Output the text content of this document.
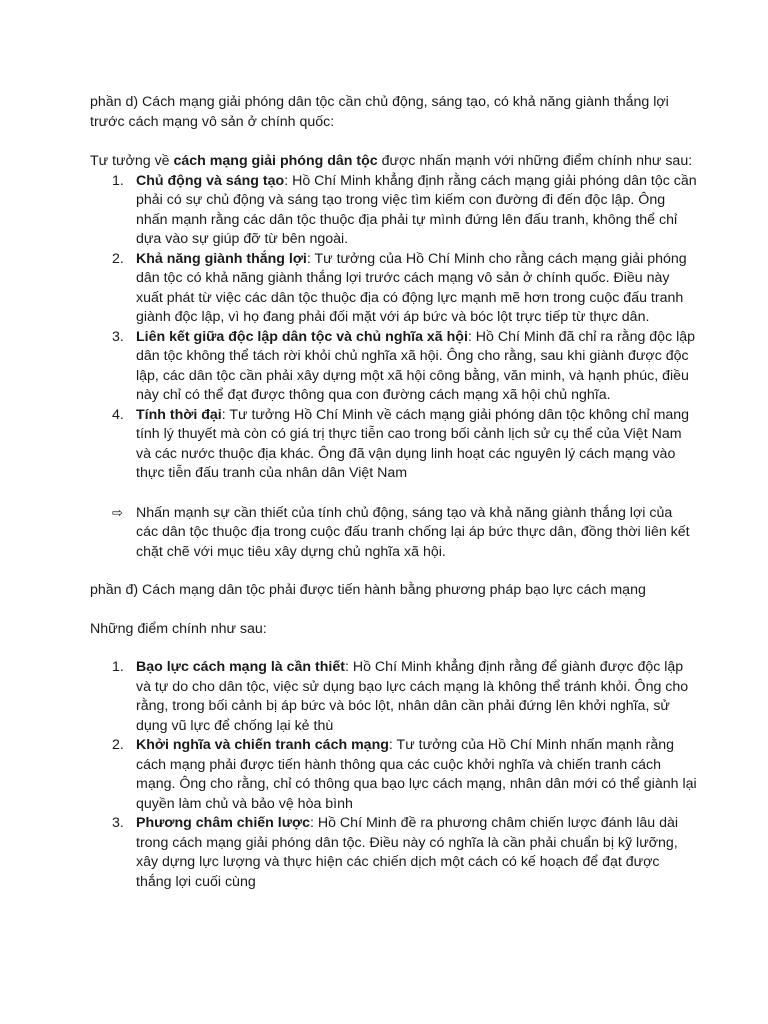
phần d) Cách mạng giải phóng dân tộc cần chủ động, sáng tạo, có khả năng giành thắng lợi trước cách mạng vô sản ở chính quốc:

Tư tưởng về cách mạng giải phóng dân tộc được nhấn mạnh với những điểm chính như sau:

1. Chủ động và sáng tạo: Hồ Chí Minh khẳng định rằng cách mạng giải phóng dân tộc cần phải có sự chủ động và sáng tạo trong việc tìm kiếm con đường đi đến độc lập. Ông nhấn mạnh rằng các dân tộc thuộc địa phải tự mình đứng lên đấu tranh, không thể chỉ dựa vào sự giúp đỡ từ bên ngoài.
2. Khả năng giành thắng lợi: Tư tưởng của Hồ Chí Minh cho rằng cách mạng giải phóng dân tộc có khả năng giành thắng lợi trước cách mạng vô sản ở chính quốc. Điều này xuất phát từ việc các dân tộc thuộc địa có động lực mạnh mẽ hơn trong cuộc đấu tranh giành độc lập, vì họ đang phải đối mặt với áp bức và bóc lột trực tiếp từ thực dân.
3. Liên kết giữa độc lập dân tộc và chủ nghĩa xã hội: Hồ Chí Minh đã chỉ ra rằng độc lập dân tộc không thể tách rời khỏi chủ nghĩa xã hội. Ông cho rằng, sau khi giành được độc lập, các dân tộc cần phải xây dựng một xã hội công bằng, văn minh, và hạnh phúc, điều này chỉ có thể đạt được thông qua con đường cách mạng xã hội chủ nghĩa.
4. Tính thời đại: Tư tưởng Hồ Chí Minh về cách mạng giải phóng dân tộc không chỉ mang tính lý thuyết mà còn có giá trị thực tiễn cao trong bối cảnh lịch sử cụ thể của Việt Nam và các nước thuộc địa khác. Ông đã vận dụng linh hoạt các nguyên lý cách mạng vào thực tiễn đấu tranh của nhân dân Việt Nam
⇨ Nhấn mạnh sự cần thiết của tính chủ động, sáng tạo và khả năng giành thắng lợi của các dân tộc thuộc địa trong cuộc đấu tranh chống lại áp bức thực dân, đồng thời liên kết chặt chẽ với mục tiêu xây dựng chủ nghĩa xã hội.

phần đ) Cách mạng dân tộc phải được tiến hành bằng phương pháp bạo lực cách mạng

Những điểm chính như sau:

1. Bạo lực cách mạng là cần thiết: Hồ Chí Minh khẳng định rằng để giành được độc lập và tự do cho dân tộc, việc sử dụng bạo lực cách mạng là không thể tránh khỏi. Ông cho rằng, trong bối cảnh bị áp bức và bóc lột, nhân dân cần phải đứng lên khởi nghĩa, sử dụng vũ lực để chống lại kẻ thù
2. Khởi nghĩa và chiến tranh cách mạng: Tư tưởng của Hồ Chí Minh nhấn mạnh rằng cách mạng phải được tiến hành thông qua các cuộc khởi nghĩa và chiến tranh cách mạng. Ông cho rằng, chỉ có thông qua bạo lực cách mạng, nhân dân mới có thể giành lại quyền làm chủ và bảo vệ hòa bình
3. Phương châm chiến lược: Hồ Chí Minh đề ra phương châm chiến lược đánh lâu dài trong cách mạng giải phóng dân tộc. Điều này có nghĩa là cần phải chuẩn bị kỹ lưỡng, xây dựng lực lượng và thực hiện các chiến dịch một cách có kế hoạch để đạt được thắng lợi cuối cùng
